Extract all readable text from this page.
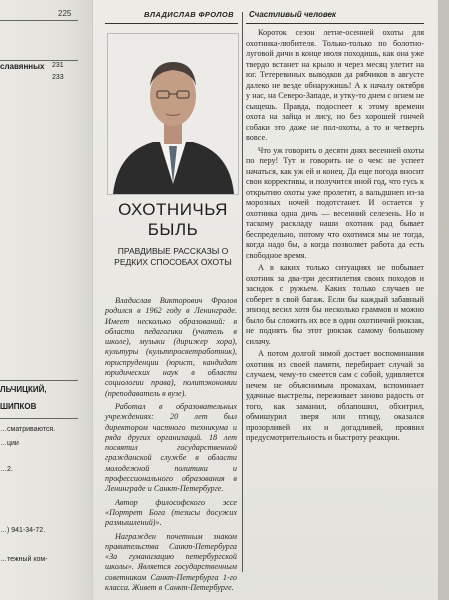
225
славянных 231
233
ЛЬЧИЦКИЙ,
ШИПКОВ
…сматриваются.
…ции
…2.
…) 941-34-72.
…тежный ком-
ВЛАДИСЛАВ ФРОЛОВ
ОХОТНИЧЬЯ БЫЛЬ
ПРАВДИВЫЕ РАССКАЗЫ О РЕДКИХ СПОСОБАХ ОХОТЫ

Владислав Викторович Фролов родился в 1962 году в Ленинграде. Имеет несколько образований: в области педагогики (учитель в школе), музыки (дирижер хора), культуры (культпросветработник), юриспруденции (юрист, кандидат юридических наук в области социологии права), политэкономии (преподаватель в вузе).

Работал в образовательных учреждениях: 20 лет был директором частного техникума и ряда других организаций. 18 лет посвятил государственной гражданской службе в области молодежной политики и профессионального образования в Ленинграде и Санкт-Петербурге.

Автор философского эссе «Портрет Бога (тезисы досужих размышлений)».

Награжден почетным знаком правительства Санкт-Петербурга «За гуманизацию петербургской школы». Является государственным советником Санкт-Петербурга 1-го класса. Живет в Санкт-Петербурге.

Счастливый человек

Короток сезон летне-осенней охоты для охотника-любителя. Только-только по болотно-луговой дичи в конце июля походишь, как она уже твердо встанет на крыло и через месяц улетит на юг. Тетеревиных выводков да рябчиков в августе далеко не везде обнаружишь! А к началу октября у нас, на Северо-Западе, и утку-то днем с огнем не сыщешь. Правда, подоспеет к этому времени охота на зайца и лису, но без хорошей гончей собаки это даже не пол-охоты, а то и четверть вовсе.

Что уж говорить о десяти днях весенней охоты по перу! Тут и говорить не о чем: не успеет начаться, как уж ей и конец. Да еще погода вносит свои коррективы, и получится иной год, что гусь к открытию охоты уже пролетит, а вальдшнеп из-за морозных ночей подотстанет. И остается у охотника одна дичь — весенний селезень. Но и таскому раскладу наши охотник рад бывает беспредельно, потому что охотимся мы не тогда, когда надо бы, а когда позволяет работа да есть свободное время.

А в каких только ситуациях не побывает охотник за два-три десятилетия своих походов и засидок с ружьем. Каких только случаев не соберет в свой багаж. Если бы каждый забавный эпизод весил хотя бы несколько граммов и можно было бы сложить их все в один охотничий рюкзак, не поднять бы этот рюкзак самому большому силачу.

А потом долгой зимой достает воспоминания охотник из своей памяти, перебирает случай за случаем, чему-то смеется сам с собой, удивляется нечем не объяснимым промахам, вспоминает удачные выстрелы, переживает заново радость от того, как заманил, облапошил, обхитрил, обмишурил зверя или птицу, оказался прозорливей их и догадливей, проявил предусмотрительность и быстроту реакции.
